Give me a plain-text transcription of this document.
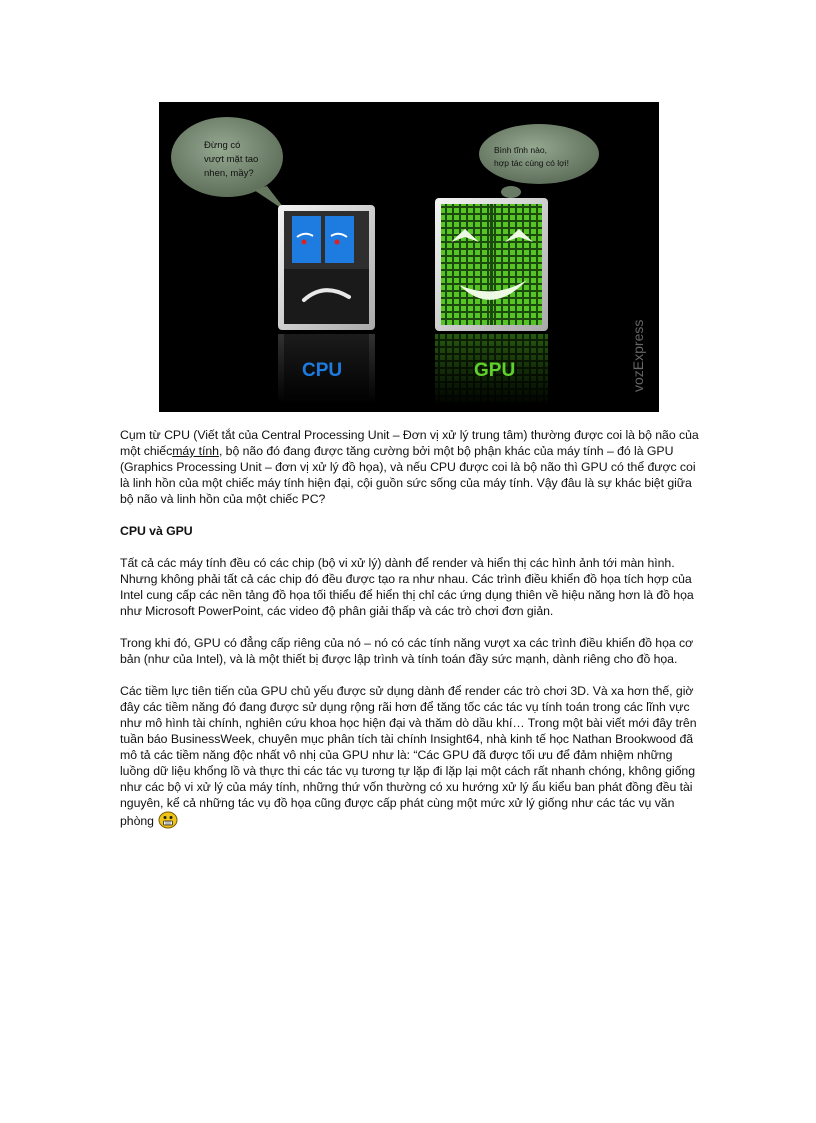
Đừng có
vượt mặt tao
nhen, mầy?
Bình tĩnh nào,
hợp tác cùng có lợi!
CPU	GPU	vozExpress

Cụm từ CPU (Viết tắt của Central Processing Unit – Đơn vị xử lý trung tâm) thường được coi là bộ não của một chiếcmáy tính, bộ não đó đang được tăng cường bởi một bộ phận khác của máy tính – đó là GPU (Graphics Processing Unit – đơn vị xử lý đồ họa), và nếu CPU được coi là bộ não thì GPU có thể được coi là linh hồn của một chiếc máy tính hiện đại, cội guồn sức sống của máy tính. Vậy đâu là sự khác biệt giữa bộ não và linh hồn của một chiếc PC?

CPU và GPU

Tất cả các máy tính đều có các chip (bộ vi xử lý) dành để render và hiển thị các hình ảnh tới màn hình. Nhưng không phải tất cả các chip đó đều được tạo ra như nhau. Các trình điều khiển đồ họa tích hợp của Intel cung cấp các nền tảng đồ họa tối thiểu để hiển thị chỉ các ứng dụng thiên về hiệu năng hơn là đồ họa như Microsoft PowerPoint, các video độ phân giải thấp và các trò chơi đơn giản.

Trong khi đó, GPU có đẳng cấp riêng của nó – nó có các tính năng vượt xa các trình điều khiển đồ họa cơ bản (như của Intel), và là một thiết bị được lập trình và tính toán đầy sức mạnh, dành riêng cho đồ họa.

Các tiềm lực tiên tiến của GPU chủ yếu được sử dụng dành để render các trò chơi 3D. Và xa hơn thế, giờ đây các tiềm năng đó đang được sử dụng rộng rãi hơn để tăng tốc các tác vụ tính toán trong các lĩnh vực như mô hình tài chính, nghiên cứu khoa học hiện đại và thăm dò dầu khí… Trong một bài viết mới đây trên tuần báo BusinessWeek, chuyên mục phân tích tài chính Insight64, nhà kinh tế học Nathan Brookwood đã mô tả các tiềm năng độc nhất vô nhị của GPU như là: “Các GPU đã được tối ưu để đảm nhiệm những luồng dữ liệu khổng lồ và thực thi các tác vụ tương tự lặp đi lặp lại một cách rất nhanh chóng, không giống như các bộ vi xử lý của máy tính, những thứ vốn thường có xu hướng xử lý ẩu kiểu ban phát đồng đều tài nguyên, kể cả những tác vụ đồ họa cũng được cấp phát cùng một mức xử lý giống như các tác vụ văn phòng
